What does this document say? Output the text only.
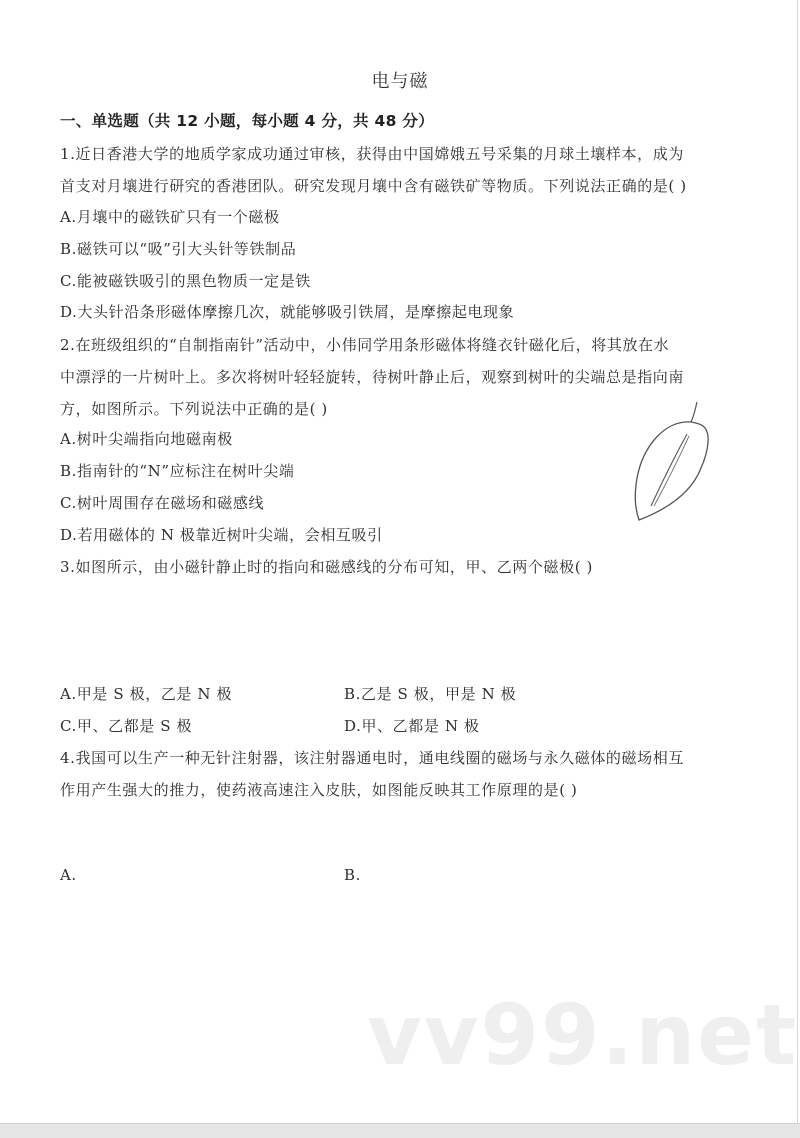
电与磁
一、单选题（共 12 小题，每小题 4 分，共 48 分）
1.近日香港大学的地质学家成功通过审核，获得由中国嫦娥五号采集的月球土壤样本，成为
首支对月壤进行研究的香港团队。研究发现月壤中含有磁铁矿等物质。下列说法正确的是( )
A.月壤中的磁铁矿只有一个磁极
B.磁铁可以“吸”引大头针等铁制品
C.能被磁铁吸引的黑色物质一定是铁
D.大头针沿条形磁体摩擦几次，就能够吸引铁屑，是摩擦起电现象
2.在班级组织的“自制指南针”活动中，小伟同学用条形磁体将缝衣针磁化后，将其放在水
中漂浮的一片树叶上。多次将树叶轻轻旋转，待树叶静止后，观察到树叶的尖端总是指向南
方，如图所示。下列说法中正确的是( )
A.树叶尖端指向地磁南极
B.指南针的“N”应标注在树叶尖端
C.树叶周围存在磁场和磁感线
D.若用磁体的 N 极靠近树叶尖端，会相互吸引
3.如图所示，由小磁针静止时的指向和磁感线的分布可知，甲、乙两个磁极( )
A.甲是 S 极，乙是 N 极	B.乙是 S 极，甲是 N 极
C.甲、乙都是 S 极	D.甲、乙都是 N 极
4.我国可以生产一种无针注射器，该注射器通电时，通电线圈的磁场与永久磁体的磁场相互
作用产生强大的推力，使药液高速注入皮肤，如图能反映其工作原理的是( )
A.	B.
vv99.net
